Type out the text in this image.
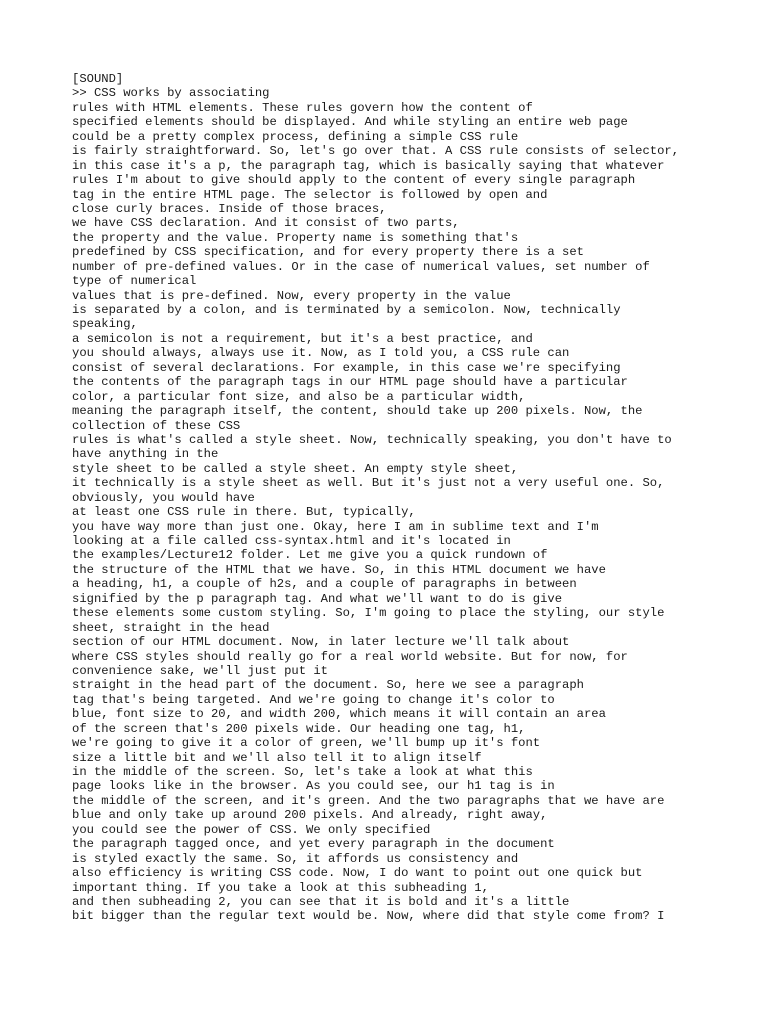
[SOUND]
>> CSS works by associating
rules with HTML elements. These rules govern how the content of
specified elements should be displayed. And while styling an entire web page
could be a pretty complex process, defining a simple CSS rule
is fairly straightforward. So, let's go over that. A CSS rule consists of selector,
in this case it's a p, the paragraph tag, which is basically saying that whatever
rules I'm about to give should apply to the content of every single paragraph
tag in the entire HTML page. The selector is followed by open and
close curly braces. Inside of those braces,
we have CSS declaration. And it consist of two parts,
the property and the value. Property name is something that's
predefined by CSS specification, and for every property there is a set
number of pre-defined values. Or in the case of numerical values, set number of
type of numerical
values that is pre-defined. Now, every property in the value
is separated by a colon, and is terminated by a semicolon. Now, technically
speaking,
a semicolon is not a requirement, but it's a best practice, and
you should always, always use it. Now, as I told you, a CSS rule can
consist of several declarations. For example, in this case we're specifying
the contents of the paragraph tags in our HTML page should have a particular
color, a particular font size, and also be a particular width,
meaning the paragraph itself, the content, should take up 200 pixels. Now, the
collection of these CSS
rules is what's called a style sheet. Now, technically speaking, you don't have to
have anything in the
style sheet to be called a style sheet. An empty style sheet,
it technically is a style sheet as well. But it's just not a very useful one. So,
obviously, you would have
at least one CSS rule in there. But, typically,
you have way more than just one. Okay, here I am in sublime text and I'm
looking at a file called css-syntax.html and it's located in
the examples/Lecture12 folder. Let me give you a quick rundown of
the structure of the HTML that we have. So, in this HTML document we have
a heading, h1, a couple of h2s, and a couple of paragraphs in between
signified by the p paragraph tag. And what we'll want to do is give
these elements some custom styling. So, I'm going to place the styling, our style
sheet, straight in the head
section of our HTML document. Now, in later lecture we'll talk about
where CSS styles should really go for a real world website. But for now, for
convenience sake, we'll just put it
straight in the head part of the document. So, here we see a paragraph
tag that's being targeted. And we're going to change it's color to
blue, font size to 20, and width 200, which means it will contain an area
of the screen that's 200 pixels wide. Our heading one tag, h1,
we're going to give it a color of green, we'll bump up it's font
size a little bit and we'll also tell it to align itself
in the middle of the screen. So, let's take a look at what this
page looks like in the browser. As you could see, our h1 tag is in
the middle of the screen, and it's green. And the two paragraphs that we have are
blue and only take up around 200 pixels. And already, right away,
you could see the power of CSS. We only specified
the paragraph tagged once, and yet every paragraph in the document
is styled exactly the same. So, it affords us consistency and
also efficiency is writing CSS code. Now, I do want to point out one quick but
important thing. If you take a look at this subheading 1,
and then subheading 2, you can see that it is bold and it's a little
bit bigger than the regular text would be. Now, where did that style come from? I
